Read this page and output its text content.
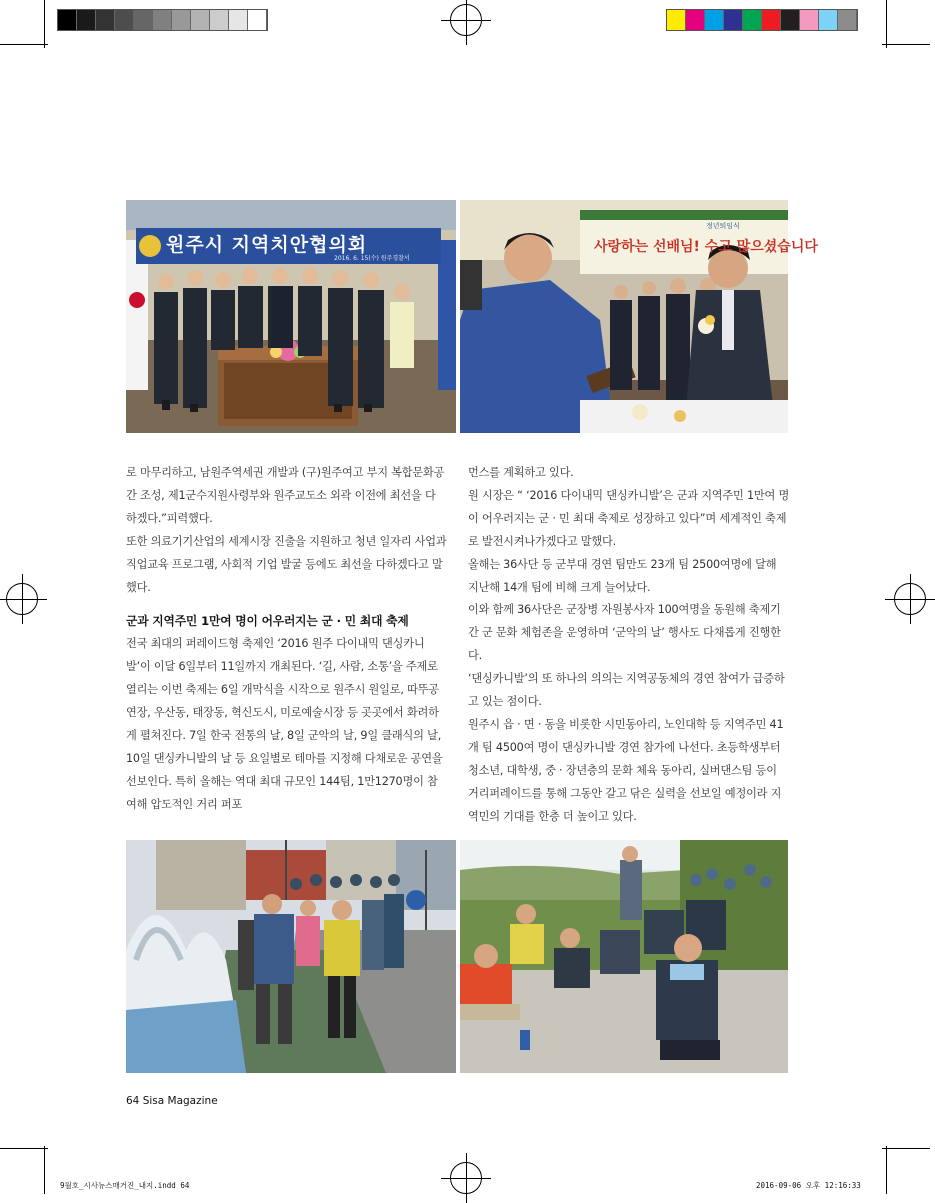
원주시 지역치안협의회
2016. 6. 15(수) 원주경찰서
정년퇴임식
사랑하는 선배님! 수고 많으셨습니다

로 마무리하고, 남원주역세권 개발과 (구)원주여고 부지 복합문화공간 조성, 제1군수지원사령부와 원주교도소 외곽 이전에 최선을 다 하겠다.”피력했다.

또한 의료기기산업의 세계시장 진출을 지원하고 청년 일자리 사업과 직업교육 프로그램, 사회적 기업 발굴 등에도 최선을 다하겠다고 말했다.

군과 지역주민 1만여 명이 어우러지는 군 · 민 최대 축제

전국 최대의 퍼레이드형 축제인 ‘2016 원주 다이내믹 댄싱카니발’이 이달 6일부터 11일까지 개최된다. ‘길, 사람, 소통’을 주제로 열리는 이번 축제는 6일 개막식을 시작으로 원주시 원일로, 따뚜공연장, 우산동, 태장동, 혁신도시, 미로예술시장 등 곳곳에서 화려하게 펼쳐진다. 7일 한국 전통의 날, 8일 군악의 날, 9일 클래식의 날, 10일 댄싱카니발의 날 등 요일별로 테마를 지정해 다채로운 공연을 선보인다. 특히 올해는 역대 최대 규모인 144팀, 1만1270명이 참여해 압도적인 거리 퍼포

먼스를 계획하고 있다.

원 시장은 “ ‘2016 다이내믹 댄싱카니발’은 군과 지역주민 1만여 명이 어우러지는 군 · 민 최대 축제로 성장하고 있다”며 세계적인 축제로 발전시켜나가겠다고 말했다.

올해는 36사단 등 군부대 경연 팀만도 23개 팀 2500여명에 달해 지난해 14개 팀에 비해 크게 늘어났다.

이와 함께 36사단은 군장병 자원봉사자 100여명을 동원해 축제기간 군 문화 체험존을 운영하며 ‘군악의 날’ 행사도 다채롭게 진행한다.

‘댄싱카니발’의 또 하나의 의의는 지역공동체의 경연 참여가 급증하고 있는 점이다.

원주시 읍 · 면 · 동을 비롯한 시민동아리, 노인대학 등 지역주민 41개 팀 4500여 명이 댄싱카니발 경연 참가에 나선다. 초등학생부터 청소년, 대학생, 중 · 장년층의 문화 체육 동아리, 실버댄스팀 등이 거리퍼레이드를 통해 그동안 갈고 닦은 실력을 선보일 예정이라 지역민의 기대를 한층 더 높이고 있다.

64 Sisa Magazine
9월호_시사뉴스매거진_내지.indd 64	2016-09-06 오후 12:16:33
